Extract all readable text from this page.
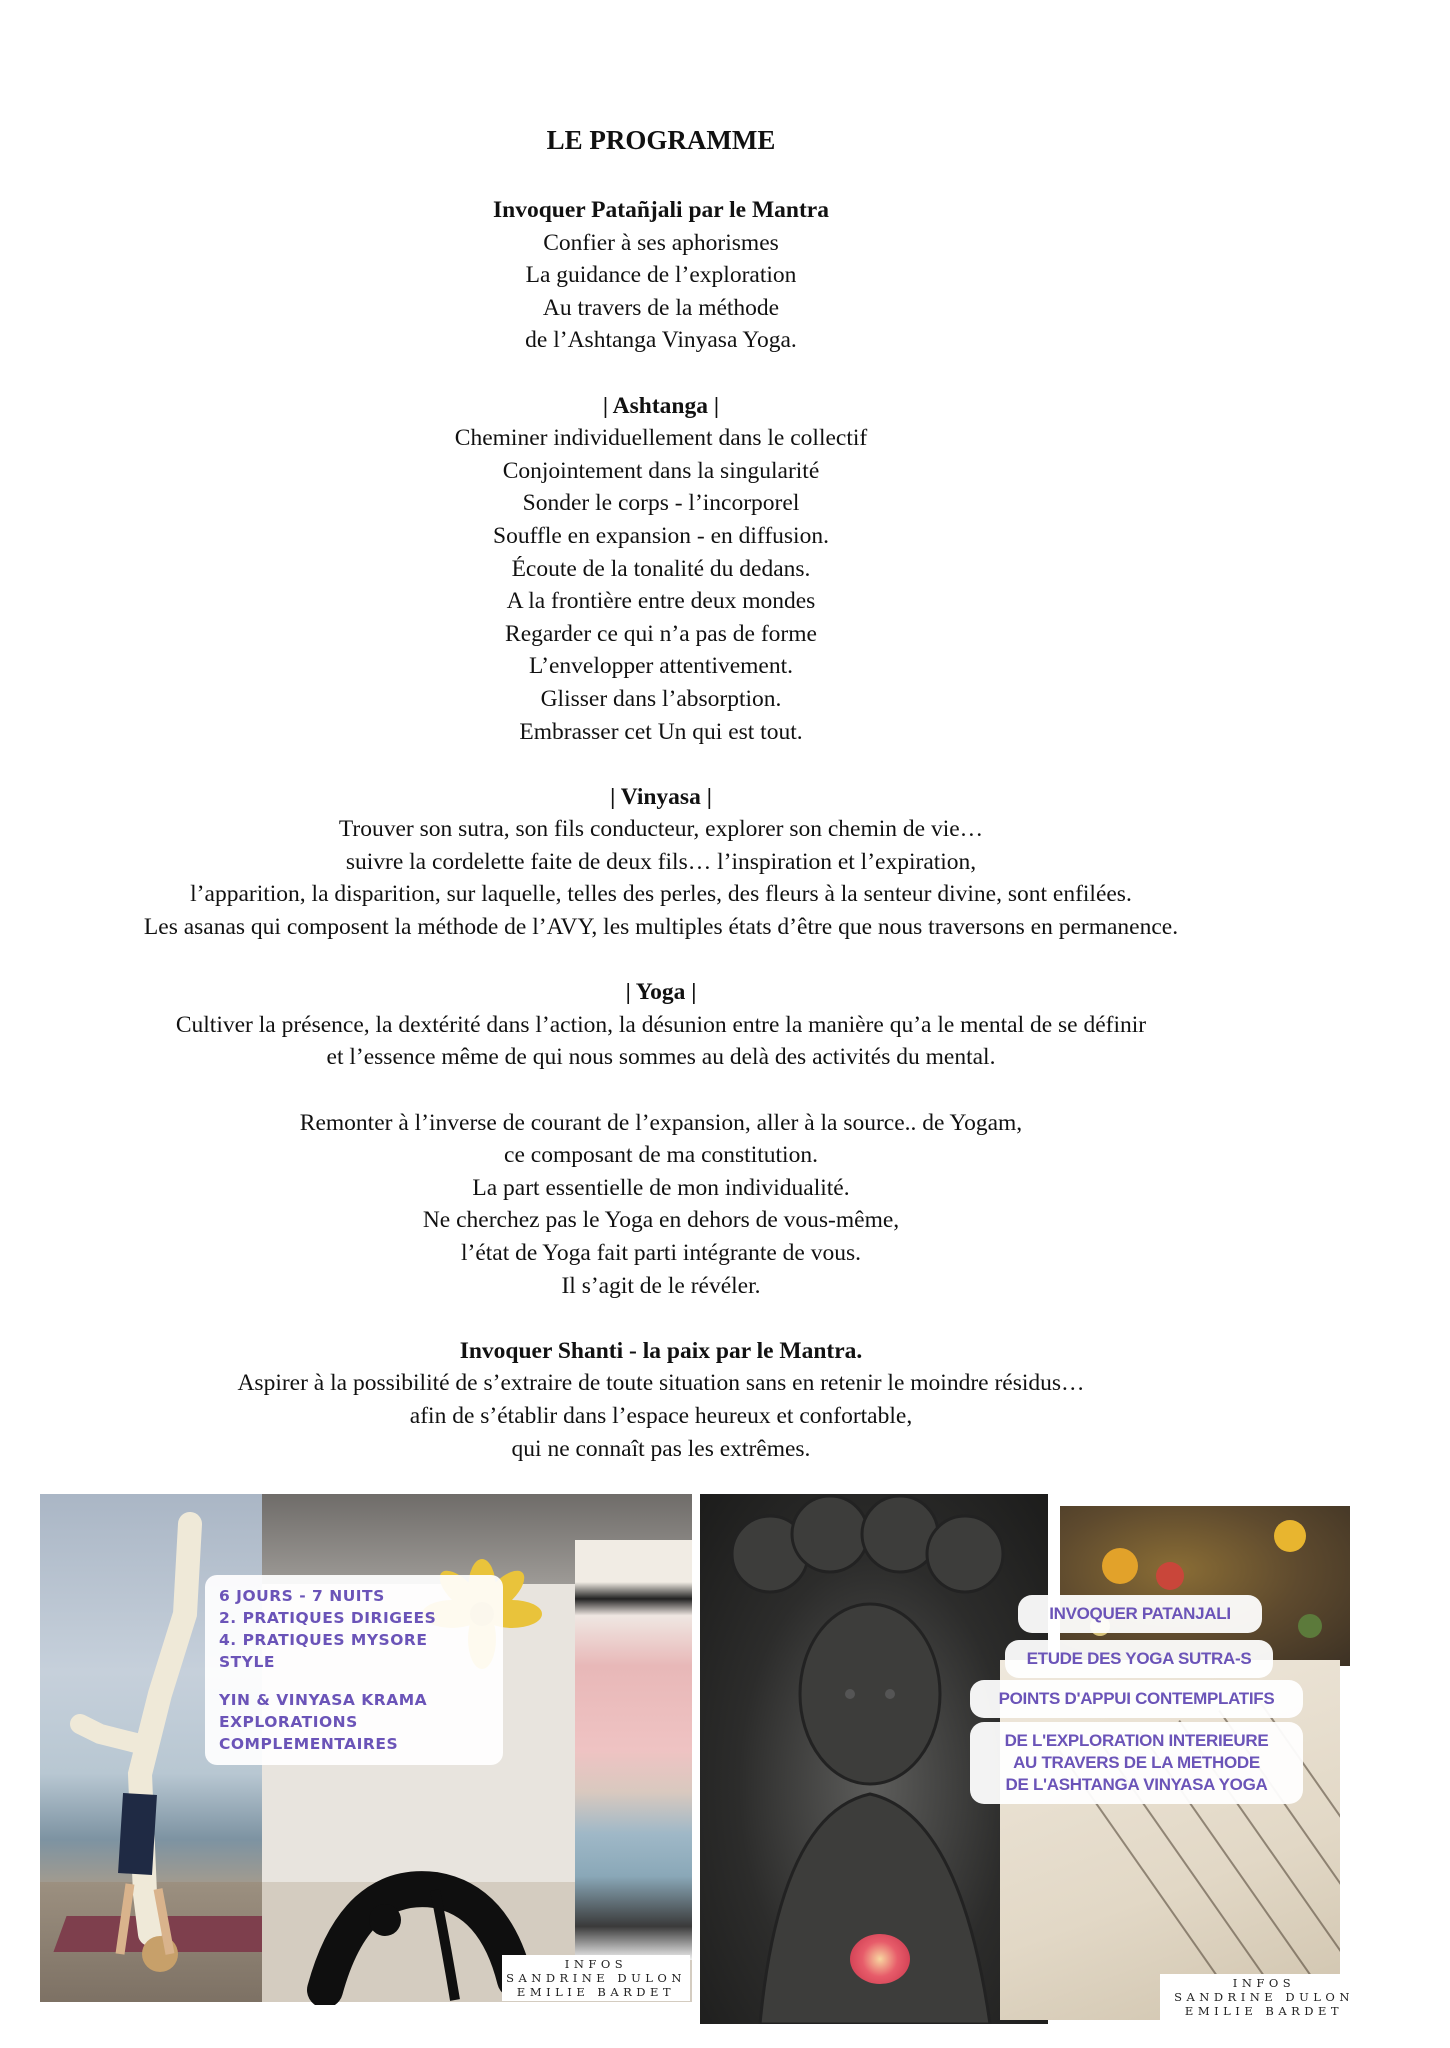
LE PROGRAMME

Invoquer Patañjali par le Mantra

Confier à ses aphorismes

La guidance de l’exploration

Au travers de la méthode

de l’Ashtanga Vinyasa Yoga.

| Ashtanga |

Cheminer individuellement dans le collectif

Conjointement dans la singularité

Sonder le corps - l’incorporel

Souffle en expansion - en diffusion.

Écoute de la tonalité du dedans.

A la frontière entre deux mondes

Regarder ce qui n’a pas de forme

L’envelopper attentivement.

Glisser dans l’absorption.

Embrasser cet Un qui est tout.

| Vinyasa |

Trouver son sutra, son fils conducteur, explorer son chemin de vie…

suivre la cordelette faite de deux fils… l’inspiration et l’expiration,

l’apparition, la disparition, sur laquelle, telles des perles, des fleurs à la senteur divine, sont enfilées.

Les asanas qui composent la méthode de l’AVY, les multiples états d’être que nous traversons en permanence.

| Yoga |

Cultiver la présence, la dextérité dans l’action, la désunion entre la manière qu’a le mental de se définir

et l’essence même de qui nous sommes au delà des activités du mental.

Remonter à l’inverse de courant de l’expansion, aller à la source.. de Yogam,

ce composant de ma constitution.

La part essentielle de mon individualité.

Ne cherchez pas le Yoga en dehors de vous-même,

l’état de Yoga fait parti intégrante de vous.

Il s’agit de le révéler.

Invoquer Shanti - la paix par le Mantra.

Aspirer à la possibilité de s’extraire de toute situation sans en retenir le moindre résidus…

afin de s’établir dans l’espace heureux et confortable,

qui ne connaît pas les extrêmes.

6 JOURS - 7 NUITS
2. PRATIQUES DIRIGEES
4. PRATIQUES MYSORE STYLE
YIN & VINYASA KRAMA
EXPLORATIONS COMPLEMENTAIRES
INFOS
SANDRINE DULON
EMILIE BARDET
INVOQUER PATANJALI
ETUDE DES YOGA SUTRA-S
POINTS D'APPUI CONTEMPLATIFS
DE L'EXPLORATION INTERIEURE
AU TRAVERS DE LA METHODE
DE L'ASHTANGA VINYASA YOGA
INFOS
SANDRINE DULON
EMILIE BARDET
